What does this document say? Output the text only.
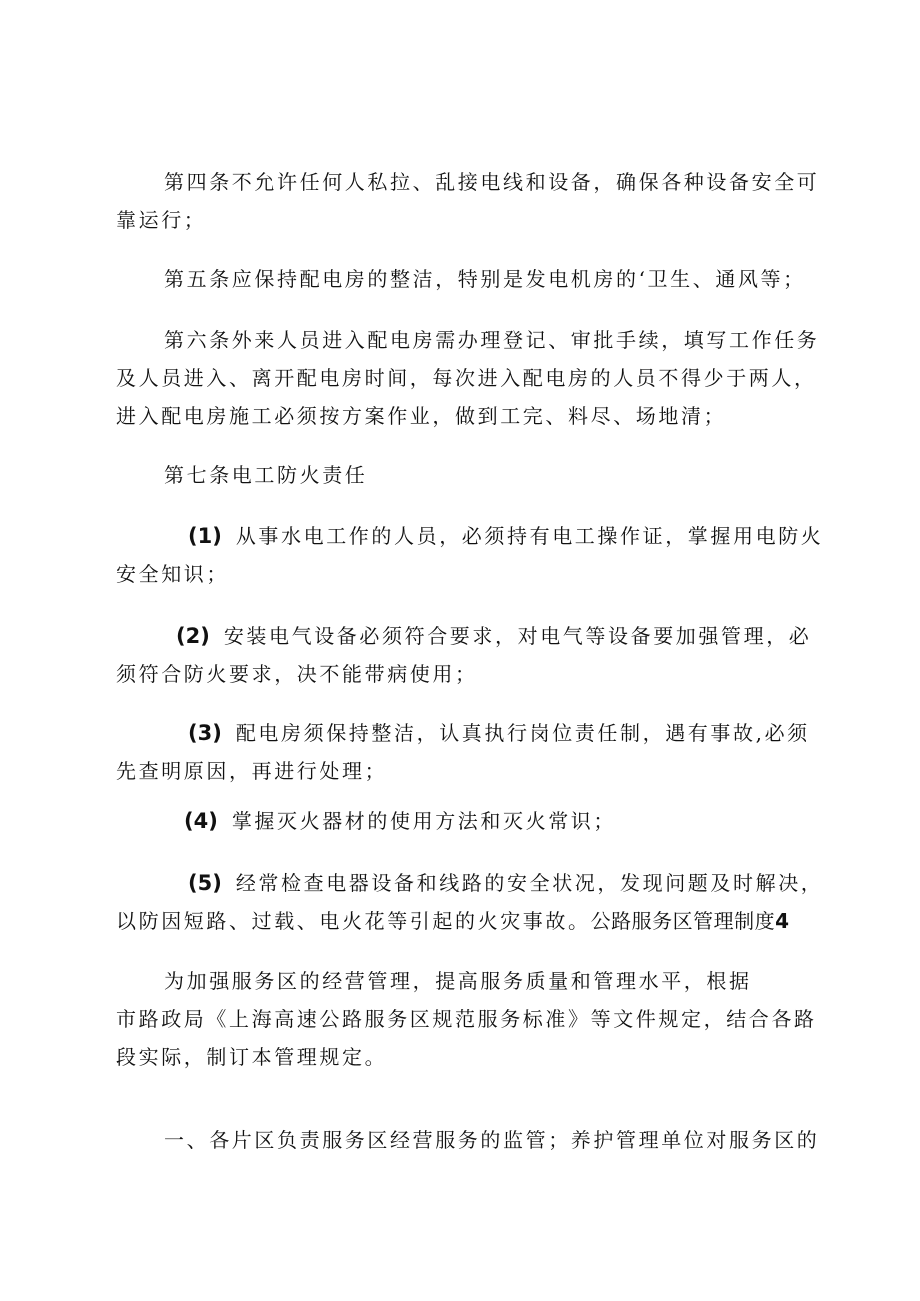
第四条不允许任何人私拉、乱接电线和设备，确保各种设备安全可
靠运行；

第五条应保持配电房的整洁，特别是发电机房的‘卫生、通风等；

第六条外来人员进入配电房需办理登记、审批手续，填写工作任务
及人员进入、离开配电房时间，每次进入配电房的人员不得少于两人，
进入配电房施工必须按方案作业，做到工完、料尽、场地清；

第七条电工防火责任

(1) 从事水电工作的人员，必须持有电工操作证，掌握用电防火
安全知识；

(2) 安装电气设备必须符合要求，对电气等设备要加强管理，必
须符合防火要求，决不能带病使用；

(3) 配电房须保持整洁，认真执行岗位责任制，遇有事故,必须
先查明原因，再进行处理；

(4) 掌握灭火器材的使用方法和灭火常识；

(5) 经常检查电器设备和线路的安全状况，发现问题及时解决，
以防因短路、过载、电火花等引起的火灾事故。公路服务区管理制度4

为加强服务区的经营管理，提高服务质量和管理水平，根据
市路政局《上海高速公路服务区规范服务标准》等文件规定，结合各路
段实际，制订本管理规定。

一、各片区负责服务区经营服务的监管；养护管理单位对服务区的
